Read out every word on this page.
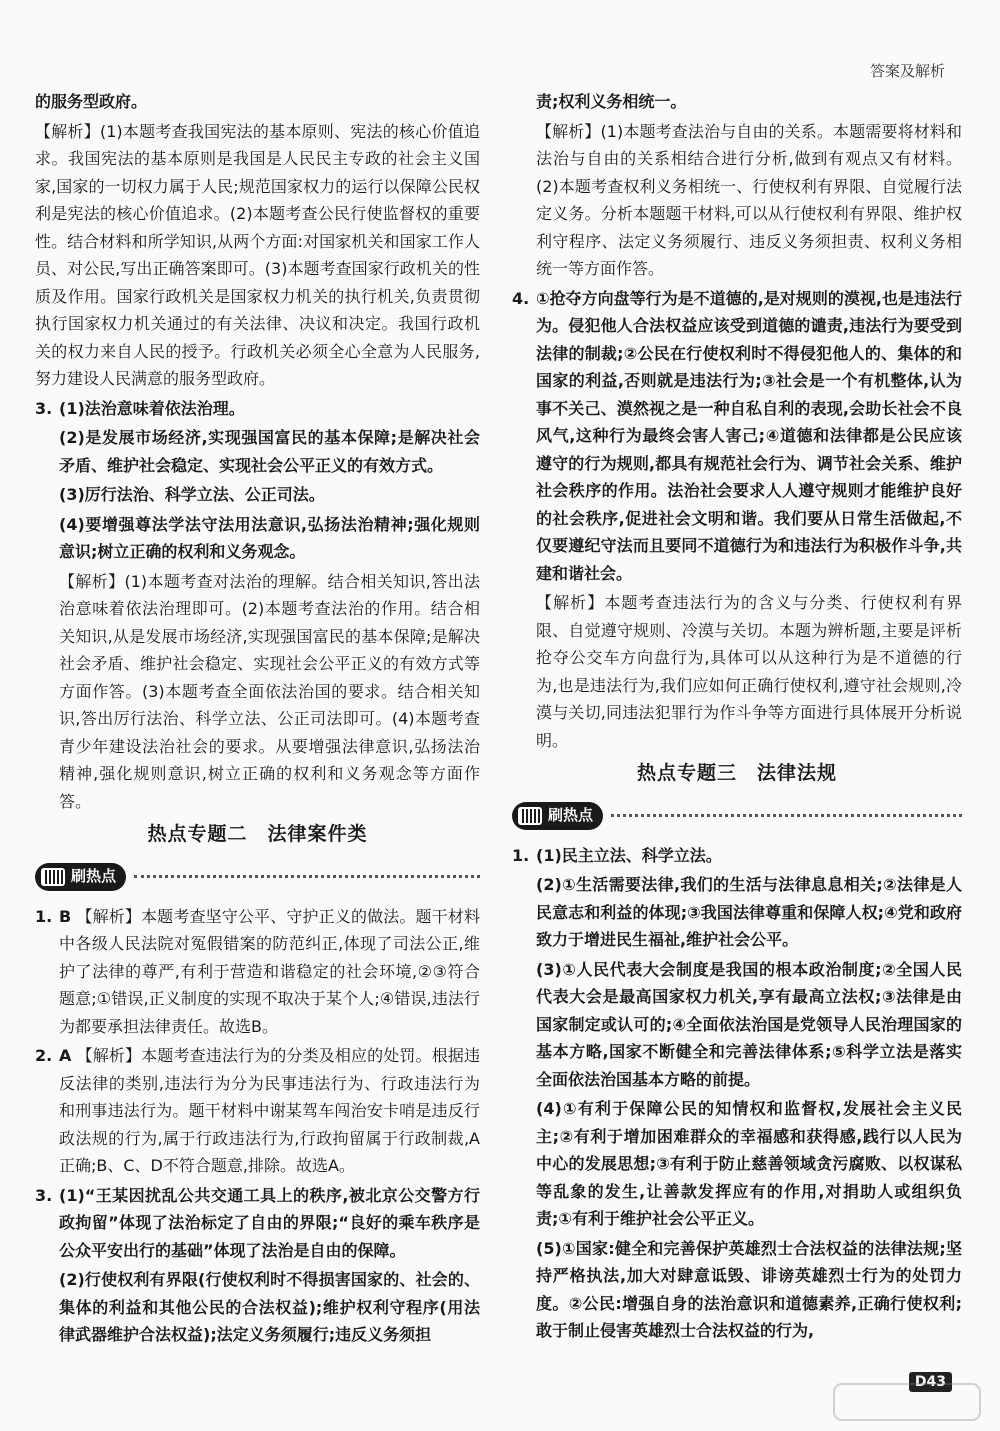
答案及解析

的服务型政府。

【解析】(1)本题考查我国宪法的基本原则、宪法的核心价值追求。我国宪法的基本原则是我国是人民民主专政的社会主义国家,国家的一切权力属于人民;规范国家权力的运行以保障公民权利是宪法的核心价值追求。(2)本题考查公民行使监督权的重要性。结合材料和所学知识,从两个方面:对国家机关和国家工作人员、对公民,写出正确答案即可。(3)本题考查国家行政机关的性质及作用。国家行政机关是国家权力机关的执行机关,负责贯彻执行国家权力机关通过的有关法律、决议和决定。我国行政机关的权力来自人民的授予。行政机关必须全心全意为人民服务,努力建设人民满意的服务型政府。

3. (1)法治意味着依法治理。

(2)是发展市场经济,实现强国富民的基本保障;是解决社会矛盾、维护社会稳定、实现社会公平正义的有效方式。

(3)厉行法治、科学立法、公正司法。

(4)要增强尊法学法守法用法意识,弘扬法治精神;强化规则意识;树立正确的权利和义务观念。

【解析】(1)本题考查对法治的理解。结合相关知识,答出法治意味着依法治理即可。(2)本题考查法治的作用。结合相关知识,从是发展市场经济,实现强国富民的基本保障;是解决社会矛盾、维护社会稳定、实现社会公平正义的有效方式等方面作答。(3)本题考查全面依法治国的要求。结合相关知识,答出厉行法治、科学立法、公正司法即可。(4)本题考查青少年建设法治社会的要求。从要增强法律意识,弘扬法治精神,强化规则意识,树立正确的权利和义务观念等方面作答。

热点专题二　法律案件类
刷热点

1. B 【解析】本题考查坚守公平、守护正义的做法。题干材料中各级人民法院对冤假错案的防范纠正,体现了司法公正,维护了法律的尊严,有利于营造和谐稳定的社会环境,②③符合题意;①错误,正义制度的实现不取决于某个人;④错误,违法行为都要承担法律责任。故选B。

2. A 【解析】本题考查违法行为的分类及相应的处罚。根据违反法律的类别,违法行为分为民事违法行为、行政违法行为和刑事违法行为。题干材料中谢某驾车闯治安卡哨是违反行政法规的行为,属于行政违法行为,行政拘留属于行政制裁,A正确;B、C、D不符合题意,排除。故选A。

3. (1)“王某因扰乱公共交通工具上的秩序,被北京公交警方行政拘留”体现了法治标定了自由的界限;“良好的乘车秩序是公众平安出行的基础”体现了法治是自由的保障。

(2)行使权利有界限(行使权利时不得损害国家的、社会的、集体的利益和其他公民的合法权益);维护权利守程序(用法律武器维护合法权益);法定义务须履行;违反义务须担

责;权利义务相统一。

【解析】(1)本题考查法治与自由的关系。本题需要将材料和法治与自由的关系相结合进行分析,做到有观点又有材料。(2)本题考查权利义务相统一、行使权利有界限、自觉履行法定义务。分析本题题干材料,可以从行使权利有界限、维护权利守程序、法定义务须履行、违反义务须担责、权利义务相统一等方面作答。

4. ①抢夺方向盘等行为是不道德的,是对规则的漠视,也是违法行为。侵犯他人合法权益应该受到道德的谴责,违法行为要受到法律的制裁;②公民在行使权利时不得侵犯他人的、集体的和国家的利益,否则就是违法行为;③社会是一个有机整体,认为事不关己、漠然视之是一种自私自利的表现,会助长社会不良风气,这种行为最终会害人害己;④道德和法律都是公民应该遵守的行为规则,都具有规范社会行为、调节社会关系、维护社会秩序的作用。法治社会要求人人遵守规则才能维护良好的社会秩序,促进社会文明和谐。我们要从日常生活做起,不仅要遵纪守法而且要同不道德行为和违法行为积极作斗争,共建和谐社会。

【解析】本题考查违法行为的含义与分类、行使权利有界限、自觉遵守规则、冷漠与关切。本题为辨析题,主要是评析抢夺公交车方向盘行为,具体可以从这种行为是不道德的行为,也是违法行为,我们应如何正确行使权利,遵守社会规则,冷漠与关切,同违法犯罪行为作斗争等方面进行具体展开分析说明。

热点专题三　法律法规
刷热点

1. (1)民主立法、科学立法。

(2)①生活需要法律,我们的生活与法律息息相关;②法律是人民意志和利益的体现;③我国法律尊重和保障人权;④党和政府致力于增进民生福祉,维护社会公平。

(3)①人民代表大会制度是我国的根本政治制度;②全国人民代表大会是最高国家权力机关,享有最高立法权;③法律是由国家制定或认可的;④全面依法治国是党领导人民治理国家的基本方略,国家不断健全和完善法律体系;⑤科学立法是落实全面依法治国基本方略的前提。

(4)①有利于保障公民的知情权和监督权,发展社会主义民主;②有利于增加困难群众的幸福感和获得感,践行以人民为中心的发展思想;③有利于防止慈善领域贪污腐败、以权谋私等乱象的发生,让善款发挥应有的作用,对捐助人或组织负责;①有利于维护社会公平正义。

(5)①国家:健全和完善保护英雄烈士合法权益的法律法规;坚持严格执法,加大对肆意诋毁、诽谤英雄烈士行为的处罚力度。②公民:增强自身的法治意识和道德素养,正确行使权利;敢于制止侵害英雄烈士合法权益的行为,

D43
